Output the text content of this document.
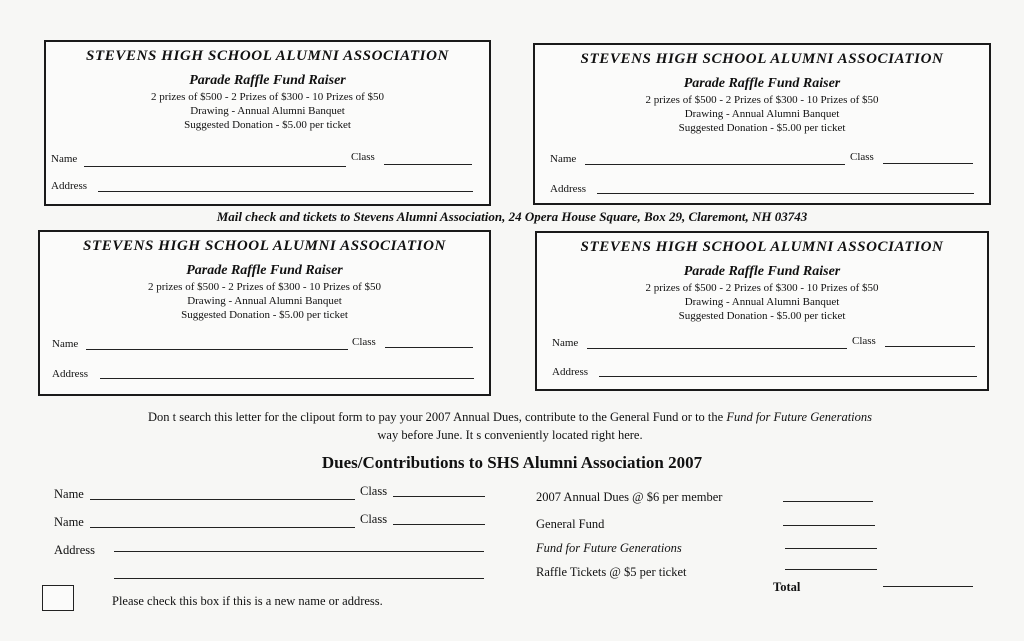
STEVENS HIGH SCHOOL ALUMNI ASSOCIATION
Parade Raffle Fund Raiser
2 prizes of $500 - 2 Prizes of $300 - 10 Prizes of $50
Drawing - Annual Alumni Banquet
Suggested Donation - $5.00 per ticket
Name	Class
Address
STEVENS HIGH SCHOOL ALUMNI ASSOCIATION
Parade Raffle Fund Raiser
2 prizes of $500 - 2 Prizes of $300 - 10 Prizes of $50
Drawing - Annual Alumni Banquet
Suggested Donation - $5.00 per ticket
Name	Class
Address
Mail check and tickets to Stevens Alumni Association, 24 Opera House Square, Box 29, Claremont, NH 03743
STEVENS HIGH SCHOOL ALUMNI ASSOCIATION
Parade Raffle Fund Raiser
2 prizes of $500 - 2 Prizes of $300 - 10 Prizes of $50
Drawing - Annual Alumni Banquet
Suggested Donation - $5.00 per ticket
Name	Class
Address
STEVENS HIGH SCHOOL ALUMNI ASSOCIATION
Parade Raffle Fund Raiser
2 prizes of $500 - 2 Prizes of $300 - 10 Prizes of $50
Drawing - Annual Alumni Banquet
Suggested Donation - $5.00 per ticket
Name	Class
Address
Don t search this letter for the clipout form to pay your 2007 Annual Dues, contribute to the General Fund or to the Fund for Future Generations
way before June. It s conveniently located right here.
Dues/Contributions to SHS Alumni Association 2007
Name	Class
Name	Class
Address
Please check this box if this is a new name or address.
2007 Annual Dues @ $6 per member
General Fund
Fund for Future Generations
Raffle Tickets @ $5 per ticket
Total
